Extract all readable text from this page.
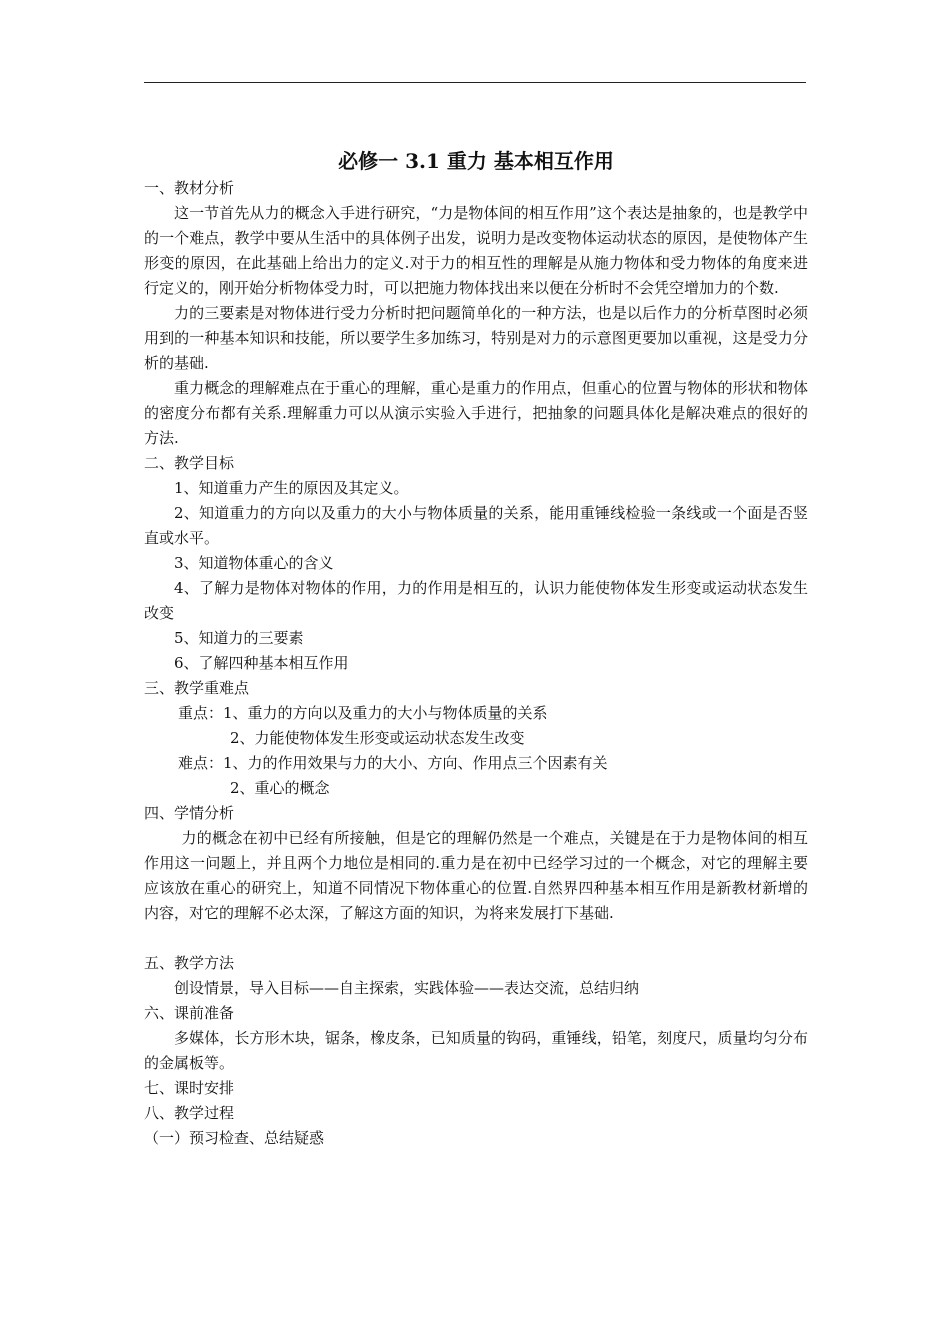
必修一 3.1 重力 基本相互作用

一、教材分析

这一节首先从力的概念入手进行研究，“力是物体间的相互作用”这个表达是抽象的，也是教学中的一个难点，教学中要从生活中的具体例子出发，说明力是改变物体运动状态的原因，是使物体产生形变的原因，在此基础上给出力的定义.对于力的相互性的理解是从施力物体和受力物体的角度来进行定义的，刚开始分析物体受力时，可以把施力物体找出来以便在分析时不会凭空增加力的个数.

力的三要素是对物体进行受力分析时把问题简单化的一种方法，也是以后作力的分析草图时必须用到的一种基本知识和技能，所以要学生多加练习，特别是对力的示意图更要加以重视，这是受力分析的基础.

重力概念的理解难点在于重心的理解，重心是重力的作用点，但重心的位置与物体的形状和物体的密度分布都有关系.理解重力可以从演示实验入手进行，把抽象的问题具体化是解决难点的很好的方法.

二、教学目标

1、知道重力产生的原因及其定义。

2、知道重力的方向以及重力的大小与物体质量的关系，能用重锤线检验一条线或一个面是否竖直或水平。

3、知道物体重心的含义

4、了解力是物体对物体的作用，力的作用是相互的，认识力能使物体发生形变或运动状态发生改变

5、知道力的三要素

6、了解四种基本相互作用

三、教学重难点

重点：1、重力的方向以及重力的大小与物体质量的关系

2、力能使物体发生形变或运动状态发生改变

难点：1、力的作用效果与力的大小、方向、作用点三个因素有关

2、重心的概念

四、学情分析

力的概念在初中已经有所接触，但是它的理解仍然是一个难点，关键是在于力是物体间的相互作用这一问题上，并且两个力地位是相同的.重力是在初中已经学习过的一个概念，对它的理解主要应该放在重心的研究上，知道不同情况下物体重心的位置.自然界四种基本相互作用是新教材新增的内容，对它的理解不必太深，了解这方面的知识，为将来发展打下基础.

五、教学方法

创设情景，导入目标——自主探索，实践体验——表达交流，总结归纳

六、课前准备

多媒体，长方形木块，锯条，橡皮条，已知质量的钩码，重锤线，铅笔，刻度尺，质量均匀分布的金属板等。

七、课时安排

八、教学过程

（一）预习检查、总结疑惑
